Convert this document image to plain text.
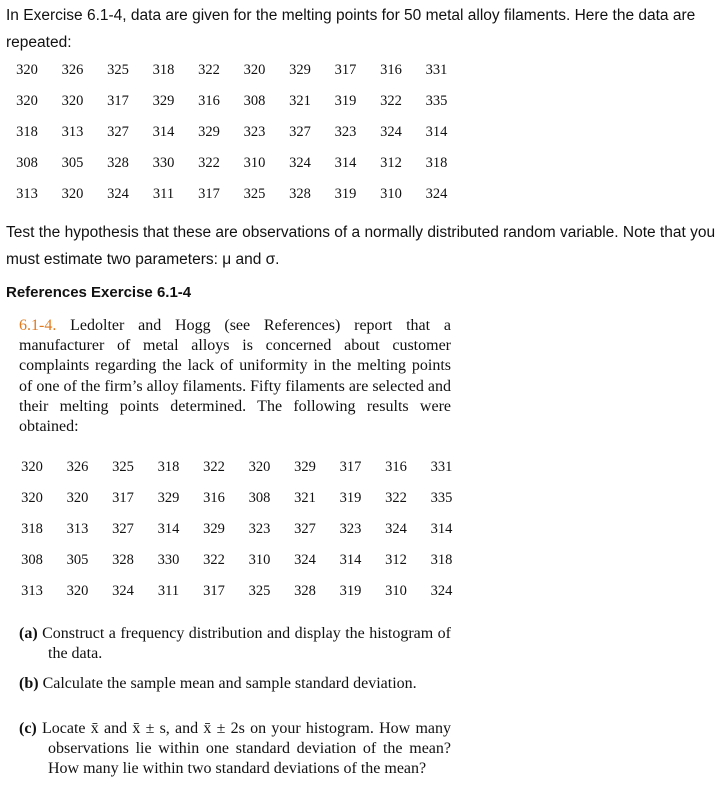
In Exercise 6.1-4, data are given for the melting points for 50 metal alloy filaments. Here the data are repeated:
320	326	325	318	322	320	329	317	316	331
320	320	317	329	316	308	321	319	322	335
318	313	327	314	329	323	327	323	324	314
308	305	328	330	322	310	324	314	312	318
313	320	324	311	317	325	328	319	310	324
Test the hypothesis that these are observations of a normally distributed random variable. Note that you must estimate two parameters: μ and σ.
References Exercise 6.1-4
6.1-4. Ledolter and Hogg (see References) report that a manufacturer of metal alloys is concerned about customer complaints regarding the lack of uniformity in the melting points of one of the firm’s alloy filaments. Fifty filaments are selected and their melting points determined. The following results were obtained:
320	326	325	318	322	320	329	317	316	331
320	320	317	329	316	308	321	319	322	335
318	313	327	314	329	323	327	323	324	314
308	305	328	330	322	310	324	314	312	318
313	320	324	311	317	325	328	319	310	324
(a) Construct a frequency distribution and display the histogram of the data.
(b) Calculate the sample mean and sample standard deviation.
(c) Locate x̄ and x̄ ± s, and x̄ ± 2s on your histogram. How many observations lie within one standard deviation of the mean? How many lie within two standard deviations of the mean?
